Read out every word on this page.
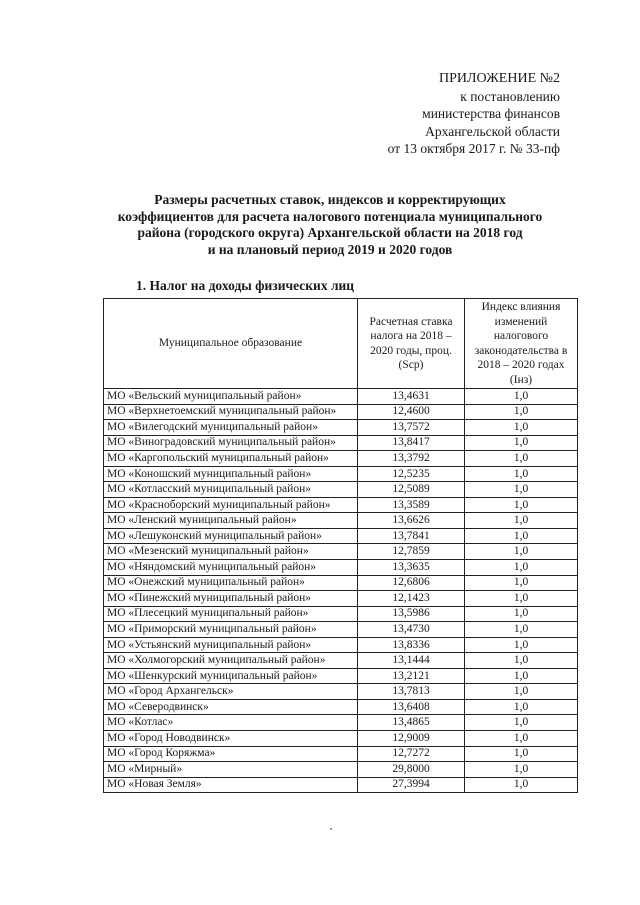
ПРИЛОЖЕНИЕ №2
к постановлению
министерства финансов
Архангельской области
от 13 октября 2017 г. № 33-пф
Размеры расчетных ставок, индексов и корректирующих
коэффициентов для расчета налогового потенциала муниципального
района (городского округа) Архангельской области на 2018 год
и на плановый период 2019 и 2020 годов
1. Налог на доходы физических лиц
Муниципальное образование	Расчетная ставка налога на 2018 – 2020 годы, проц. (Scp)	Индекс влияния изменений налогового законодательства в 2018 – 2020 годах (Iнз)
МО «Вельский муниципальный район»	13,4631	1,0
МО «Верхнетоемский муниципальный район»	12,4600	1,0
МО «Вилегодский муниципальный район»	13,7572	1,0
МО «Виноградовский муниципальный район»	13,8417	1,0
МО «Каргопольский муниципальный район»	13,3792	1,0
МО «Коношский муниципальный район»	12,5235	1,0
МО «Котласский муниципальный район»	12,5089	1,0
МО «Красноборский муниципальный район»	13,3589	1,0
МО «Ленский муниципальный район»	13,6626	1,0
МО «Лешуконский муниципальный район»	13,7841	1,0
МО «Мезенский муниципальный район»	12,7859	1,0
МО «Няндомский муниципальный район»	13,3635	1,0
МО «Онежский муниципальный район»	12,6806	1,0
МО «Пинежский муниципальный район»	12,1423	1,0
МО «Плесецкий муниципальный район»	13,5986	1,0
МО «Приморский муниципальный район»	13,4730	1,0
МО «Устьянский муниципальный район»	13,8336	1,0
МО «Холмогорский муниципальный район»	13,1444	1,0
МО «Шенкурский муниципальный район»	13,2121	1,0
МО «Город Архангельск»	13,7813	1,0
МО «Северодвинск»	13,6408	1,0
МО «Котлас»	13,4865	1,0
МО «Город Новодвинск»	12,9009	1,0
МО «Город Коряжма»	12,7272	1,0
МО «Мирный»	29,8000	1,0
МО «Новая Земля»	27,3994	1,0
